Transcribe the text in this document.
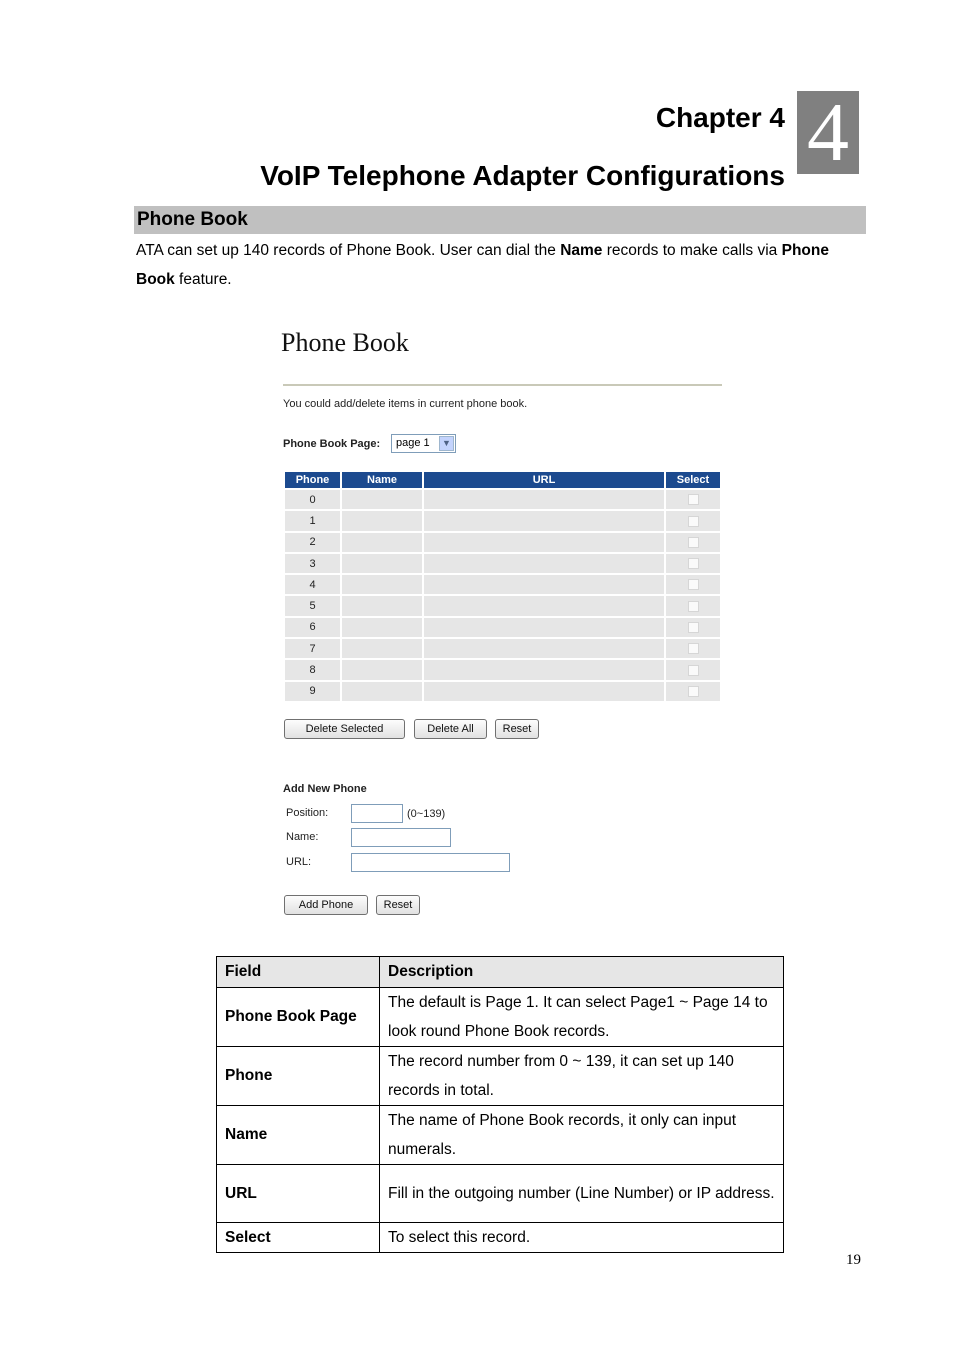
Chapter 4 4
VoIP Telephone Adapter Configurations
Phone Book
ATA can set up 140 records of Phone Book. User can dial the Name records to make calls via Phone Book feature.
Phone Book
You could add/delete items in current phone book.
Phone Book Page:	page 1	▼
Phone	Name	URL	Select
0			
1			
2			
3			
4			
5			
6			
7			
8			
9			
Delete Selected	Delete All	Reset
Add New Phone
Position:	(0~139)
Name:
URL:
Add Phone	Reset
Field	Description
Phone Book Page	The default is Page 1. It can select Page1 ~ Page 14 to look round Phone Book records.
Phone	The record number from 0 ~ 139, it can set up 140 records in total.
Name	The name of Phone Book records, it only can input numerals.
URL	Fill in the outgoing number (Line Number) or IP address.
Select	To select this record.
19
